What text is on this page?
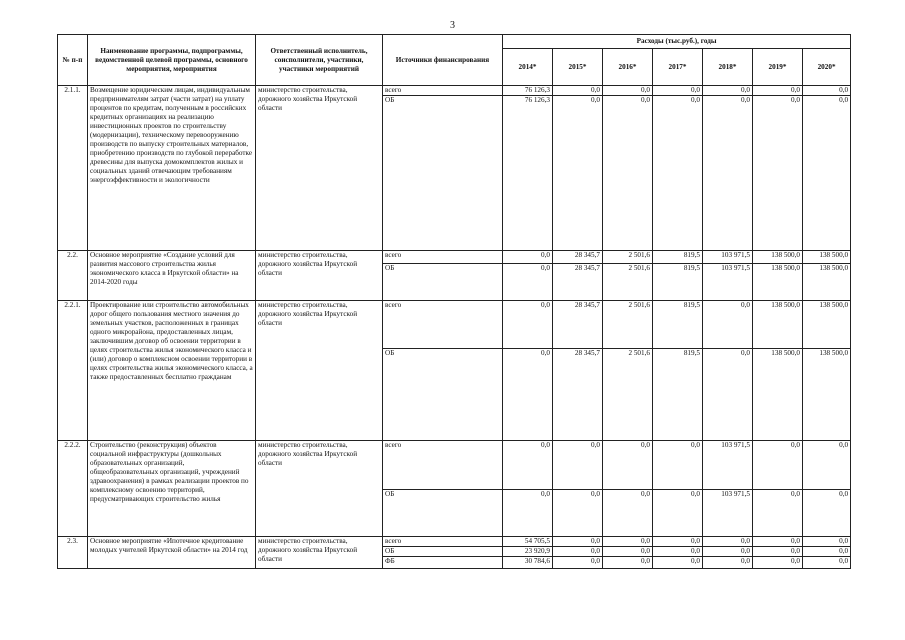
3
№ п-п	Наименование программы, подпрограммы, ведомственной целевой программы, основного мероприятия, мероприятия	Ответственный исполнитель, соисполнители, участники, участники мероприятий	Источники финансирования	Расходы (тыс.руб.), годы						
				2014*	2015*	2016*	2017*	2018*	2019*	2020*
2.1.1.	Возмещение юридическим лицам, индивидуальным предпринимателям затрат (части затрат) на уплату процентов по кредитам, полученным в российских кредитных организациях на реализацию инвестиционных проектов по строительству (модернизации), техническому перевооружению производств по выпуску строительных материалов, приобретению производств по глубокой переработке древесины для выпуска домокомплектов жилых и социальных зданий отвечающим требованиям энергоэффективности и экологичности	министерство строительства, дорожного хозяйства Иркутской области	всего	76 126,3	0,0	0,0	0,0	0,0	0,0	0,0
			ОБ	76 126,3	0,0	0,0	0,0	0,0	0,0	0,0
2.2.	Основное мероприятие «Создание условий для развития массового строительства жилья экономического класса в Иркутской области» на 2014-2020 годы	министерство строительства, дорожного хозяйства Иркутской области	всего	0,0	28 345,7	2 501,6	819,5	103 971,5	138 500,0	138 500,0
			ОБ	0,0	28 345,7	2 501,6	819,5	103 971,5	138 500,0	138 500,0
2.2.1.	Проектирование или строительство автомобильных дорог общего пользования местного значения до земельных участков, расположенных в границах одного микрорайона, предоставленных лицам, заключившим договор об освоении территории в целях строительства жилья экономического класса и (или) договор о комплексном освоении территории в целях строительства жилья экономического класса, а также предоставленных бесплатно гражданам	министерство строительства, дорожного хозяйства Иркутской области	всего	0,0	28 345,7	2 501,6	819,5	0,0	138 500,0	138 500,0
			ОБ	0,0	28 345,7	2 501,6	819,5	0,0	138 500,0	138 500,0
2.2.2.	Строительство (реконструкция) объектов социальной инфраструктуры (дошкольных образовательных организаций, общеобразовательных организаций, учреждений здравоохранения) в рамках реализации проектов по комплексному освоению территорий, предусматривающих строительство жилья	министерство строительства, дорожного хозяйства Иркутской области	всего	0,0	0,0	0,0	0,0	103 971,5	0,0	0,0
			ОБ	0,0	0,0	0,0	0,0	103 971,5	0,0	0,0
2.3.	Основное мероприятие «Ипотечное кредитование молодых учителей Иркутской области» на 2014 год	министерство строительства, дорожного хозяйства Иркутской области	всего	54 705,5	0,0	0,0	0,0	0,0	0,0	0,0
			ОБ	23 920,9	0,0	0,0	0,0	0,0	0,0	0,0
			ФБ	30 784,6	0,0	0,0	0,0	0,0	0,0	0,0
